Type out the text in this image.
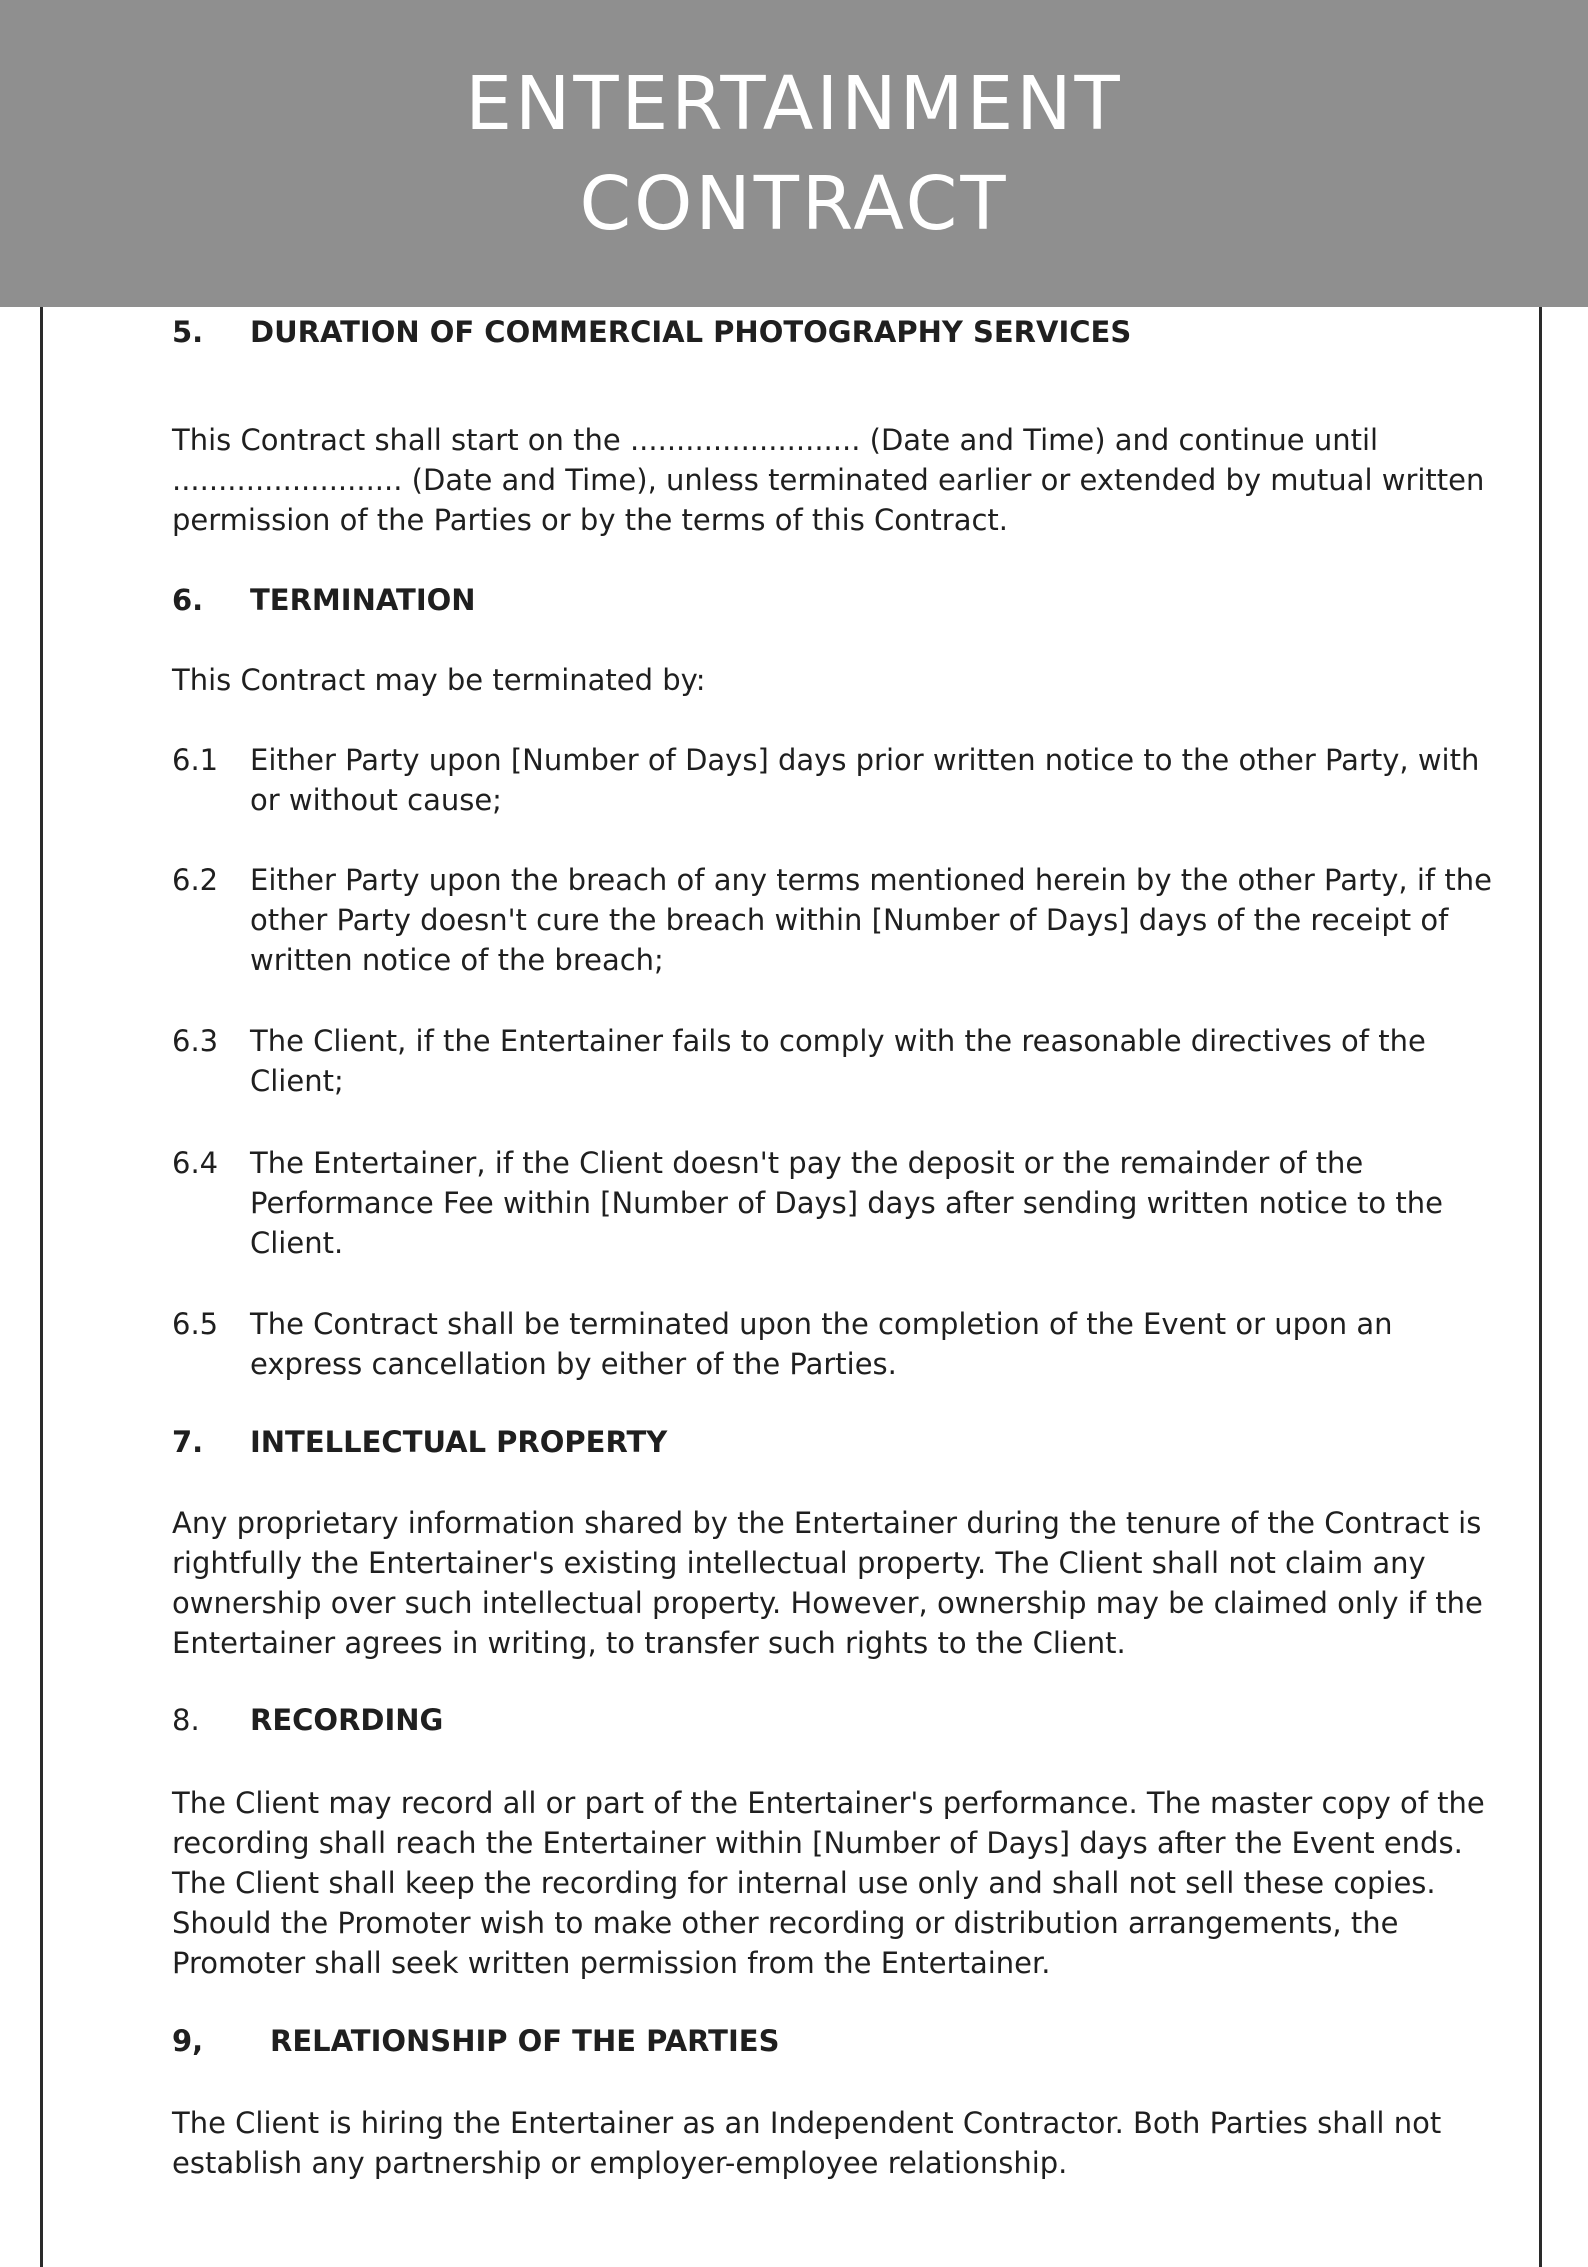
ENTERTAINMENT
CONTRACT
5. DURATION OF COMMERCIAL PHOTOGRAPHY SERVICES
This Contract shall start on the ......................... (Date and Time) and continue until
......................... (Date and Time), unless terminated earlier or extended by mutual written
permission of the Parties or by the terms of this Contract.
6. TERMINATION
This Contract may be terminated by:
6.1 Either Party upon [Number of Days] days prior written notice to the other Party, with
or without cause;
6.2 Either Party upon the breach of any terms mentioned herein by the other Party, if the
other Party doesn't cure the breach within [Number of Days] days of the receipt of
written notice of the breach;
6.3 The Client, if the Entertainer fails to comply with the reasonable directives of the
Client;
6.4 The Entertainer, if the Client doesn't pay the deposit or the remainder of the
Performance Fee within [Number of Days] days after sending written notice to the
Client.
6.5 The Contract shall be terminated upon the completion of the Event or upon an
express cancellation by either of the Parties.
7. INTELLECTUAL PROPERTY
Any proprietary information shared by the Entertainer during the tenure of the Contract is
rightfully the Entertainer's existing intellectual property. The Client shall not claim any
ownership over such intellectual property. However, ownership may be claimed only if the
Entertainer agrees in writing, to transfer such rights to the Client.
8. RECORDING
The Client may record all or part of the Entertainer's performance. The master copy of the
recording shall reach the Entertainer within [Number of Days] days after the Event ends.
The Client shall keep the recording for internal use only and shall not sell these copies.
Should the Promoter wish to make other recording or distribution arrangements, the
Promoter shall seek written permission from the Entertainer.
9, RELATIONSHIP OF THE PARTIES
The Client is hiring the Entertainer as an Independent Contractor. Both Parties shall not
establish any partnership or employer-employee relationship.
